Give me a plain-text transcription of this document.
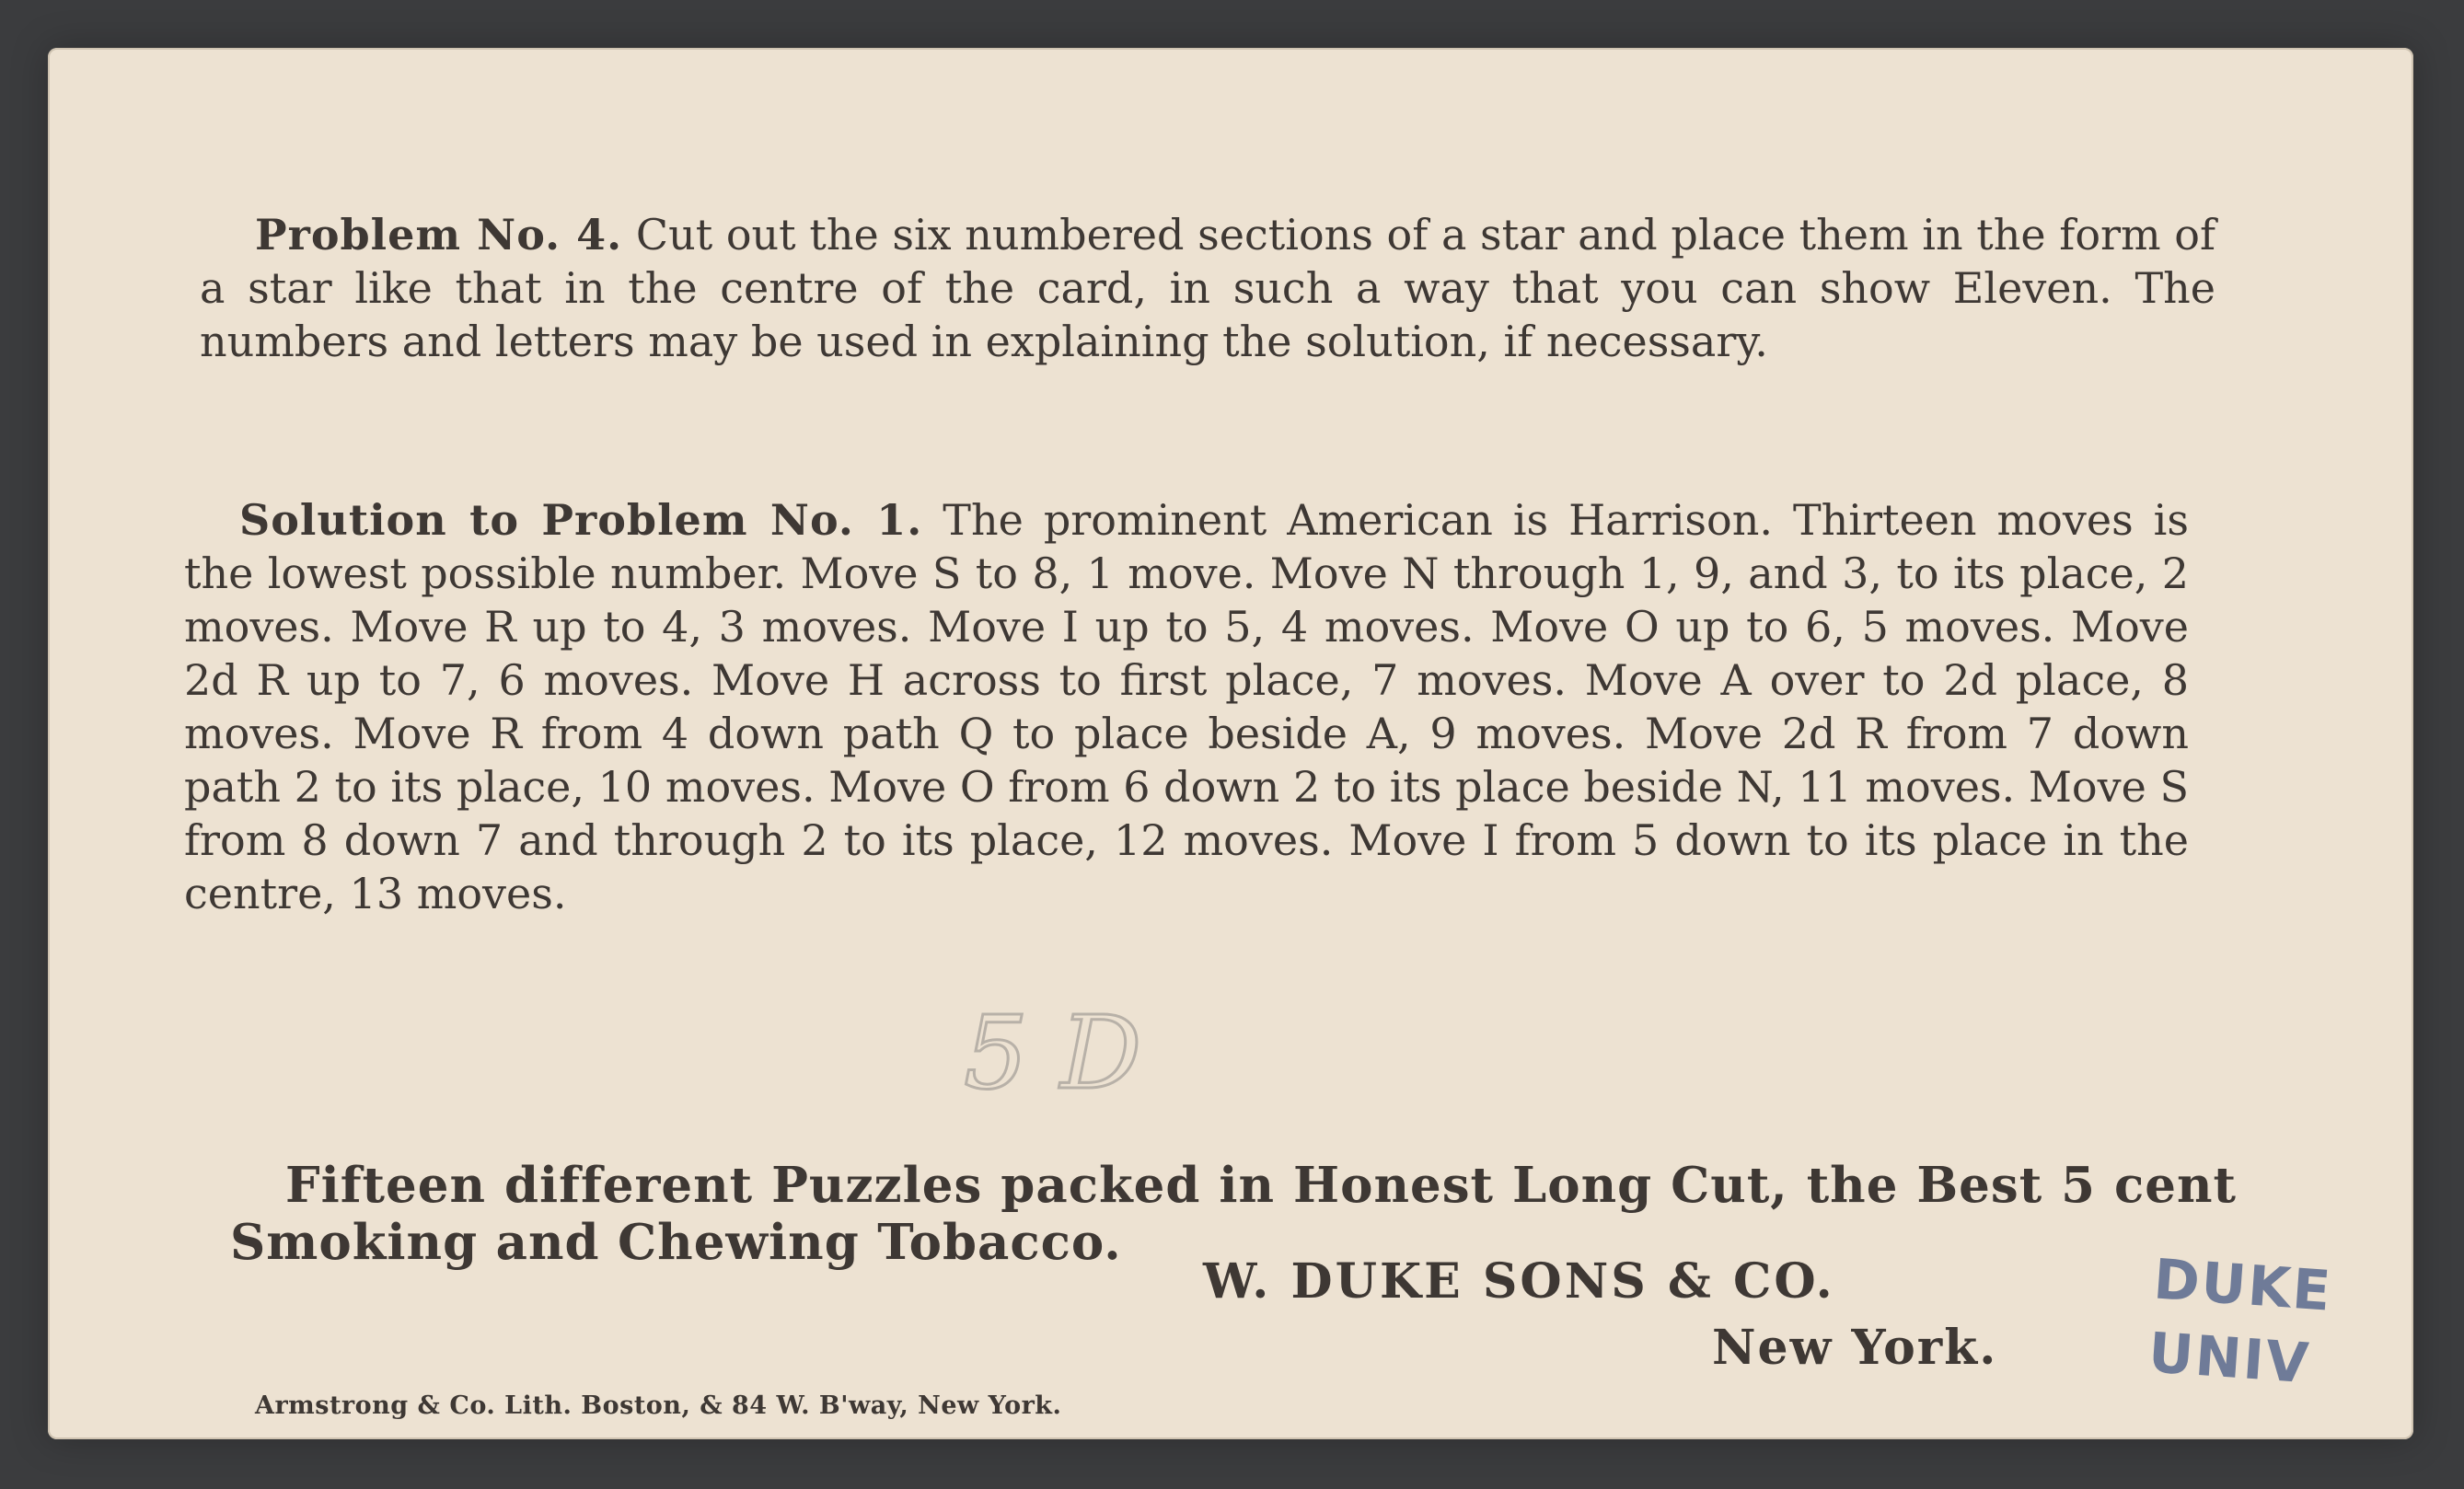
Problem No. 4. Cut out the six numbered sections of a star and place them in the form of a star like that in the centre of the card, in such a way that you can show Eleven. The numbers and letters may be used in explaining the solution, if necessary.

Solution to Problem No. 1. The prominent American is Harrison. Thirteen moves is the lowest possible number. Move S to 8, 1 move. Move N through 1, 9, and 3, to its place, 2 moves. Move R up to 4, 3 moves. Move I up to 5, 4 moves. Move O up to 6, 5 moves. Move 2d R up to 7, 6 moves. Move H across to first place, 7 moves. Move A over to 2d place, 8 moves. Move R from 4 down path Q to place beside A, 9 moves. Move 2d R from 7 down path 2 to its place, 10 moves. Move O from 6 down 2 to its place beside N, 11 moves. Move S from 8 down 7 and through 2 to its place, 12 moves. Move I from 5 down to its place in the centre, 13 moves.

5 D

Fifteen different Puzzles packed in Honest Long Cut, the Best 5 cent Smoking and Chewing Tobacco.

W. DUKE SONS & CO.
New York.
Armstrong & Co. Lith. Boston, & 84 W. B'way, New York.
DUKE
UNIV
